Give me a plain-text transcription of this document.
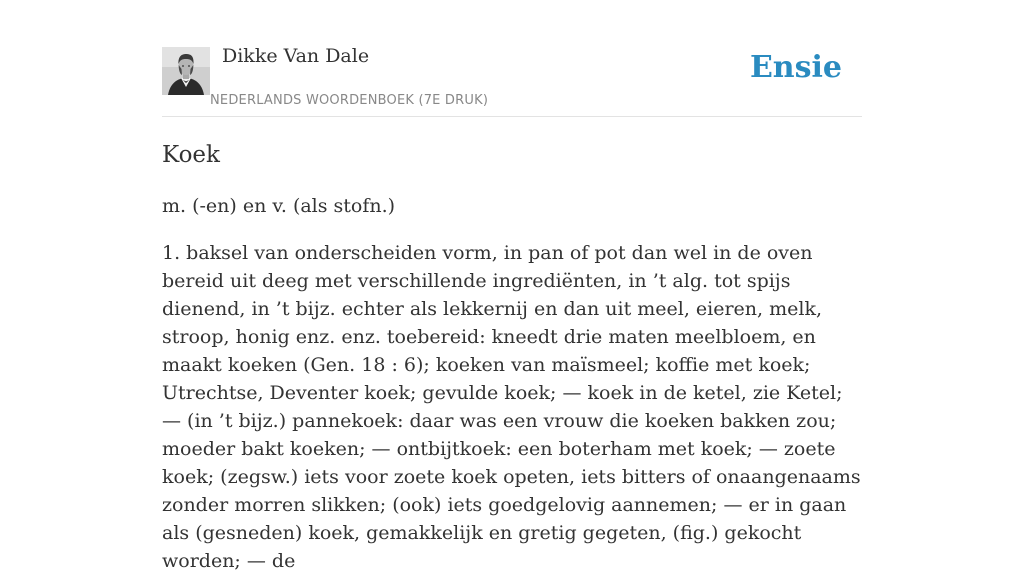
Dikke Van Dale
NEDERLANDS WOORDENBOEK (7E DRUK)
Ensie
Koek

m. (-en) en v. (als stofn.)

1. baksel van onderscheiden vorm, in pan of pot dan wel in de oven bereid uit deeg met verschillende ingrediënten, in ’t alg. tot spijs dienend, in ’t bijz. echter als lekkernij en dan uit meel, eieren, melk, stroop, honig enz. enz. toebereid: kneedt drie maten meelbloem, en maakt koeken (Gen. 18 : 6); koeken van maïsmeel; koffie met koek; Utrechtse, Deventer koek; gevulde koek; — koek in de ketel, zie Ketel; — (in ’t bijz.) pannekoek: daar was een vrouw die koeken bakken zou; moeder bakt koeken; — ontbijtkoek: een boterham met koek; — zoete koek; (zegsw.) iets voor zoete koek opeten, iets bitters of onaangenaams zonder morren slikken; (ook) iets goedgelovig aannemen; — er in gaan als (gesneden) koek, gemakkelijk en gretig gegeten, (fig.) gekocht worden; — de
